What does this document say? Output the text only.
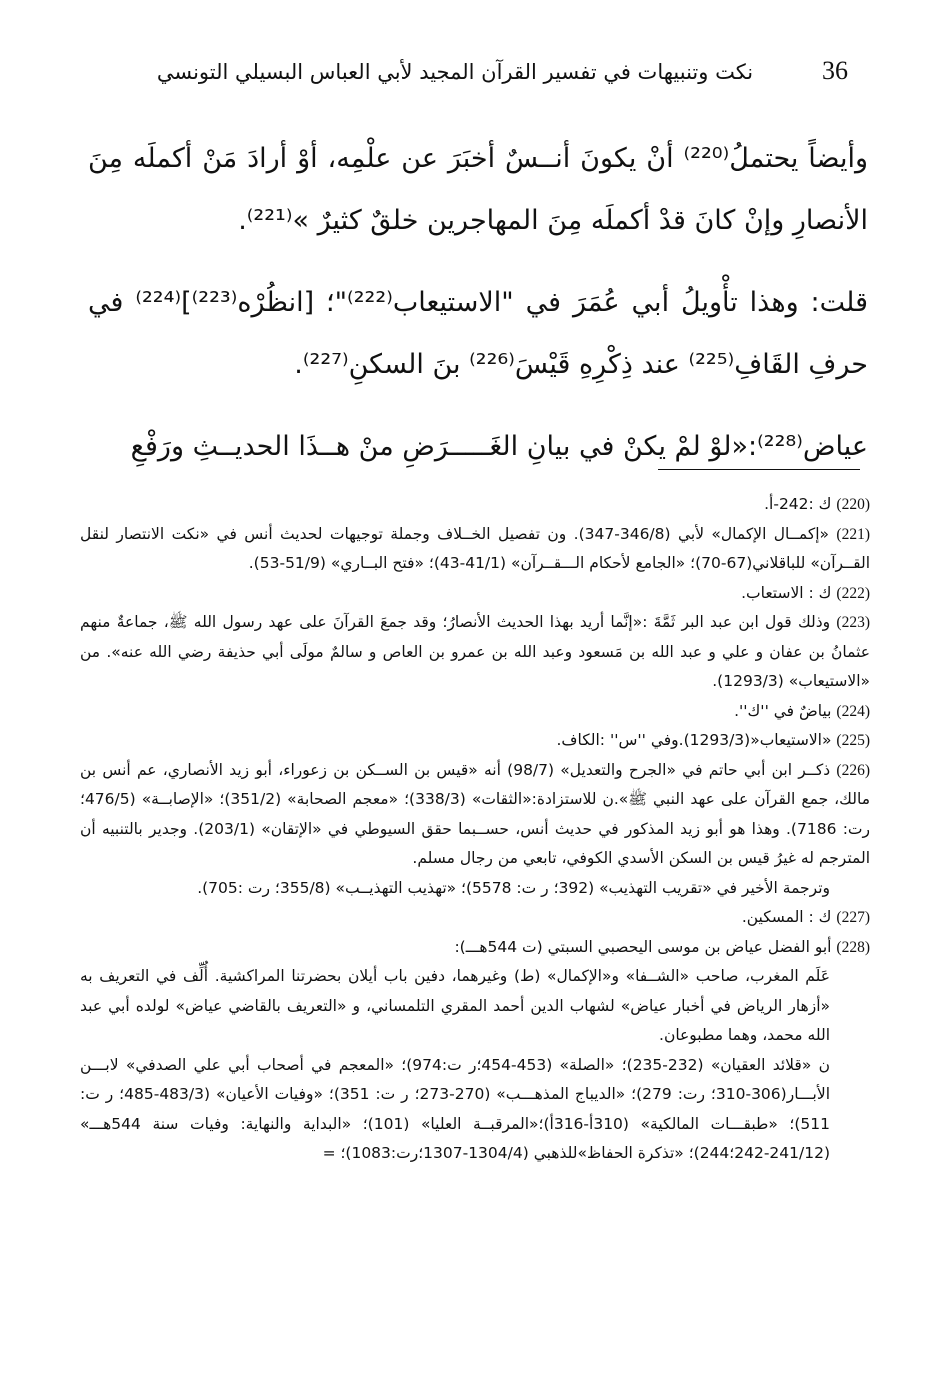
36
نكت وتنبيهات في تفسير القرآن المجيد لأبي العباس البسيلي التونسي

وأيضاً يحتملُ⁽²²⁰⁾ أنْ يكونَ أنــسٌ أخبَرَ عن علْمِه، أوْ أرادَ مَنْ أكملَه مِنَ الأنصارِ وإنْ كانَ قدْ أكملَه مِنَ المهاجرين خلقٌ كثيرٌ »⁽²²¹⁾.

قلت: وهذا تأْويلُ أبي عُمَرَ في "الاستيعاب⁽²²²⁾"؛ [انظُرْه⁽²²³⁾]⁽²²⁴⁾ في حرفِ القَافِ⁽²²⁵⁾ عند ذِكْرِهِ قَيْسَ⁽²²⁶⁾ بنَ السكنِ⁽²²⁷⁾.

عياض⁽²²⁸⁾:«لوْ لمْ يكنْ في بيانِ الغَـــــرَضِ منْ هــذَا الحديــثِ ورَفْعِ

(220) ك :242-أ.

(221) «إكمــال الإكمال» لأبي (346/8-347). ون تفصيل الخــلاف وجملة توجيهات لحديث أنس في «نكت الانتصار لنقل القــرآن» للباقلاني(67-70)؛ «الجامع لأحكام الـــقــرآن» (41/1-43)؛ «فتح البــاري» (51/9-53).

(222) ك : الاستعاب.

(223) وذلك قول ابن عبد البر ثَمَّةَ :«إنَّما أريد بهذا الحديث الأنصارُ؛ وقد جمعَ القرآنَ على عهد رسول الله ﷺ، جماعةٌ منهم عثمانُ بن عفان و علي و عبد الله بن مَسعود وعبد الله بن عمرو بن العاص و سالمٌ مولَى أبي حذيفة رضي الله عنه». من «الاستيعاب» (1293/3).

(224) بياضٌ في ''ك''.

(225) «الاستيعاب«(1293/3).وفي ''س'' :الكاف.

(226) ذكــر ابن أبي حاتم في «الجرح والتعديل» (98/7) أنه «قيس بن الســكن بن زعوراء، أبو زيد الأنصاري، عم أنس بن مالك، جمع القرآن على عهد النبي ﷺ».ن للاستزادة:«الثقات» (338/3)؛ «معجم الصحابة» (351/2)؛ «الإصابــة» (476/5؛رت: 7186). وهذا هو أبو زيد المذكور في حديث أنس، حســبما حقق السيوطي في «الإتقان» (203/1). وجدير بالتنبيه أن المترجم له غيرُ قيس بن السكن الأسدي الكوفي، تابعي من رجال مسلم.

وترجمة الأخير في «تقريب التهذيب» (392؛ ر ت: 5578)؛ «تهذيب التهذيــب» (355/8؛ رت :705).

(227) ك : المسكين.

(228) أبو الفضل عياض بن موسى اليحصبي السبتي (ت 544هـــ):

عَلَم المغرب، صاحب «الشــفا» و«الإكمال» (ط) وغيرهما، دفين باب أيلان بحضرتنا المراكشية. أُلِّف في التعريف به «أزهار الرياض في أخبار عياض» لشهاب الدين أحمد المقري التلمساني، و «التعريف بالقاضي عياض» لولده أبي عبد الله محمد، وهما مطبوعان.

ن «قلائد العقيان» (232-235)؛ «الصلة» (453-454؛ر ت:974)؛ «المعجم في أصحاب أبي علي الصدفي» لابـــن الأبـــار(306-310؛ رت: 279)؛ «الديباج المذهـــب» (270-273؛ ر ت: 351)؛ «وفيات الأعيان» (483/3-485؛ ر ت: 511)؛ «طبقـــات المالكية» (310أ-316أ)؛«المرقبــة العليا» (101)؛ «البداية والنهاية: وفيات سنة 544هـــ» (241/12-242؛244)؛ «تذكرة الحفاظ»للذهبي (1304/4-1307؛رت:1083)؛ =
